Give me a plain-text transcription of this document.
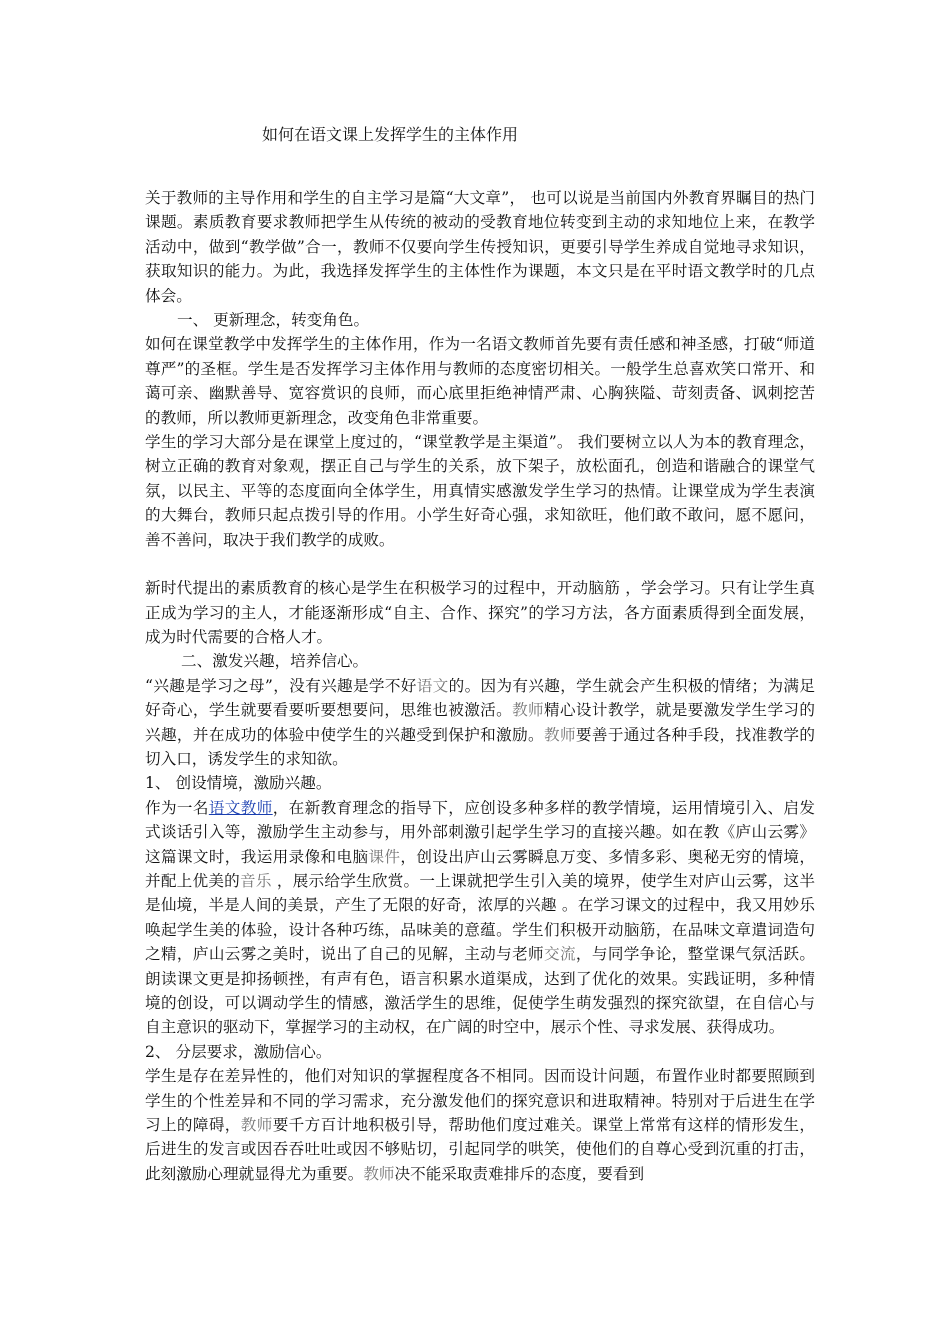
如何在语文课上发挥学生的主体作用

关于教师的主导作用和学生的自主学习是篇“大文章”， 也可以说是当前国内外教育界瞩目的热门课题。素质教育要求教师把学生从传统的被动的受教育地位转变到主动的求知地位上来，在教学活动中，做到“教学做”合一，教师不仅要向学生传授知识，更要引导学生养成自觉地寻求知识，获取知识的能力。为此，我选择发挥学生的主体性作为课题，本文只是在平时语文教学时的几点体会。

一、 更新理念，转变角色。

如何在课堂教学中发挥学生的主体作用，作为一名语文教师首先要有责任感和神圣感，打破“师道尊严”的圣框。学生是否发挥学习主体作用与教师的态度密切相关。一般学生总喜欢笑口常开、和蔼可亲、幽默善导、宽容赏识的良师，而心底里拒绝神情严肃、心胸狭隘、苛刻责备、讽刺挖苦的教师，所以教师更新理念，改变角色非常重要。

学生的学习大部分是在课堂上度过的，“课堂教学是主渠道”。 我们要树立以人为本的教育理念，树立正确的教育对象观，摆正自己与学生的关系，放下架子，放松面孔，创造和谐融合的课堂气氛，以民主、平等的态度面向全体学生，用真情实感激发学生学习的热情。让课堂成为学生表演的大舞台，教师只起点拨引导的作用。小学生好奇心强，求知欲旺，他们敢不敢问，愿不愿问，善不善问，取决于我们教学的成败。

新时代提出的素质教育的核心是学生在积极学习的过程中，开动脑筋 ，学会学习。只有让学生真正成为学习的主人，才能逐渐形成“自主、合作、探究”的学习方法，各方面素质得到全面发展，成为时代需要的合格人才。

二、激发兴趣，培养信心。

“兴趣是学习之母”，没有兴趣是学不好语文的。因为有兴趣，学生就会产生积极的情绪；为满足好奇心，学生就要看要听要想要问，思维也被激活。教师精心设计教学，就是要激发学生学习的兴趣，并在成功的体验中使学生的兴趣受到保护和激励。教师要善于通过各种手段，找准教学的切入口，诱发学生的求知欲。

1、 创设情境，激励兴趣。

作为一名语文教师，在新教育理念的指导下，应创设多种多样的教学情境，运用情境引入、启发式谈话引入等，激励学生主动参与，用外部刺激引起学生学习的直接兴趣。如在教《庐山云雾》这篇课文时，我运用录像和电脑课件，创设出庐山云雾瞬息万变、多情多彩、奥秘无穷的情境，并配上优美的音乐 ，展示给学生欣赏。一上课就把学生引入美的境界，使学生对庐山云雾，这半是仙境，半是人间的美景，产生了无限的好奇，浓厚的兴趣 。在学习课文的过程中，我又用妙乐唤起学生美的体验，设计各种巧练，品味美的意蕴。学生们积极开动脑筋，在品味文章遣词造句之精，庐山云雾之美时，说出了自己的见解，主动与老师交流，与同学争论，整堂课气氛活跃。朗读课文更是抑扬顿挫，有声有色，语言积累水道渠成，达到了优化的效果。实践证明，多种情境的创设，可以调动学生的情感，激活学生的思维，促使学生萌发强烈的探究欲望，在自信心与自主意识的驱动下，掌握学习的主动权，在广阔的时空中，展示个性、寻求发展、获得成功。

2、 分层要求，激励信心。

学生是存在差异性的，他们对知识的掌握程度各不相同。因而设计问题，布置作业时都要照顾到学生的个性差异和不同的学习需求，充分激发他们的探究意识和进取精神。特别对于后进生在学习上的障碍，教师要千方百计地积极引导，帮助他们度过难关。课堂上常常有这样的情形发生，后进生的发言或因吞吞吐吐或因不够贴切，引起同学的哄笑，使他们的自尊心受到沉重的打击，此刻激励心理就显得尤为重要。教师决不能采取责难排斥的态度，要看到
